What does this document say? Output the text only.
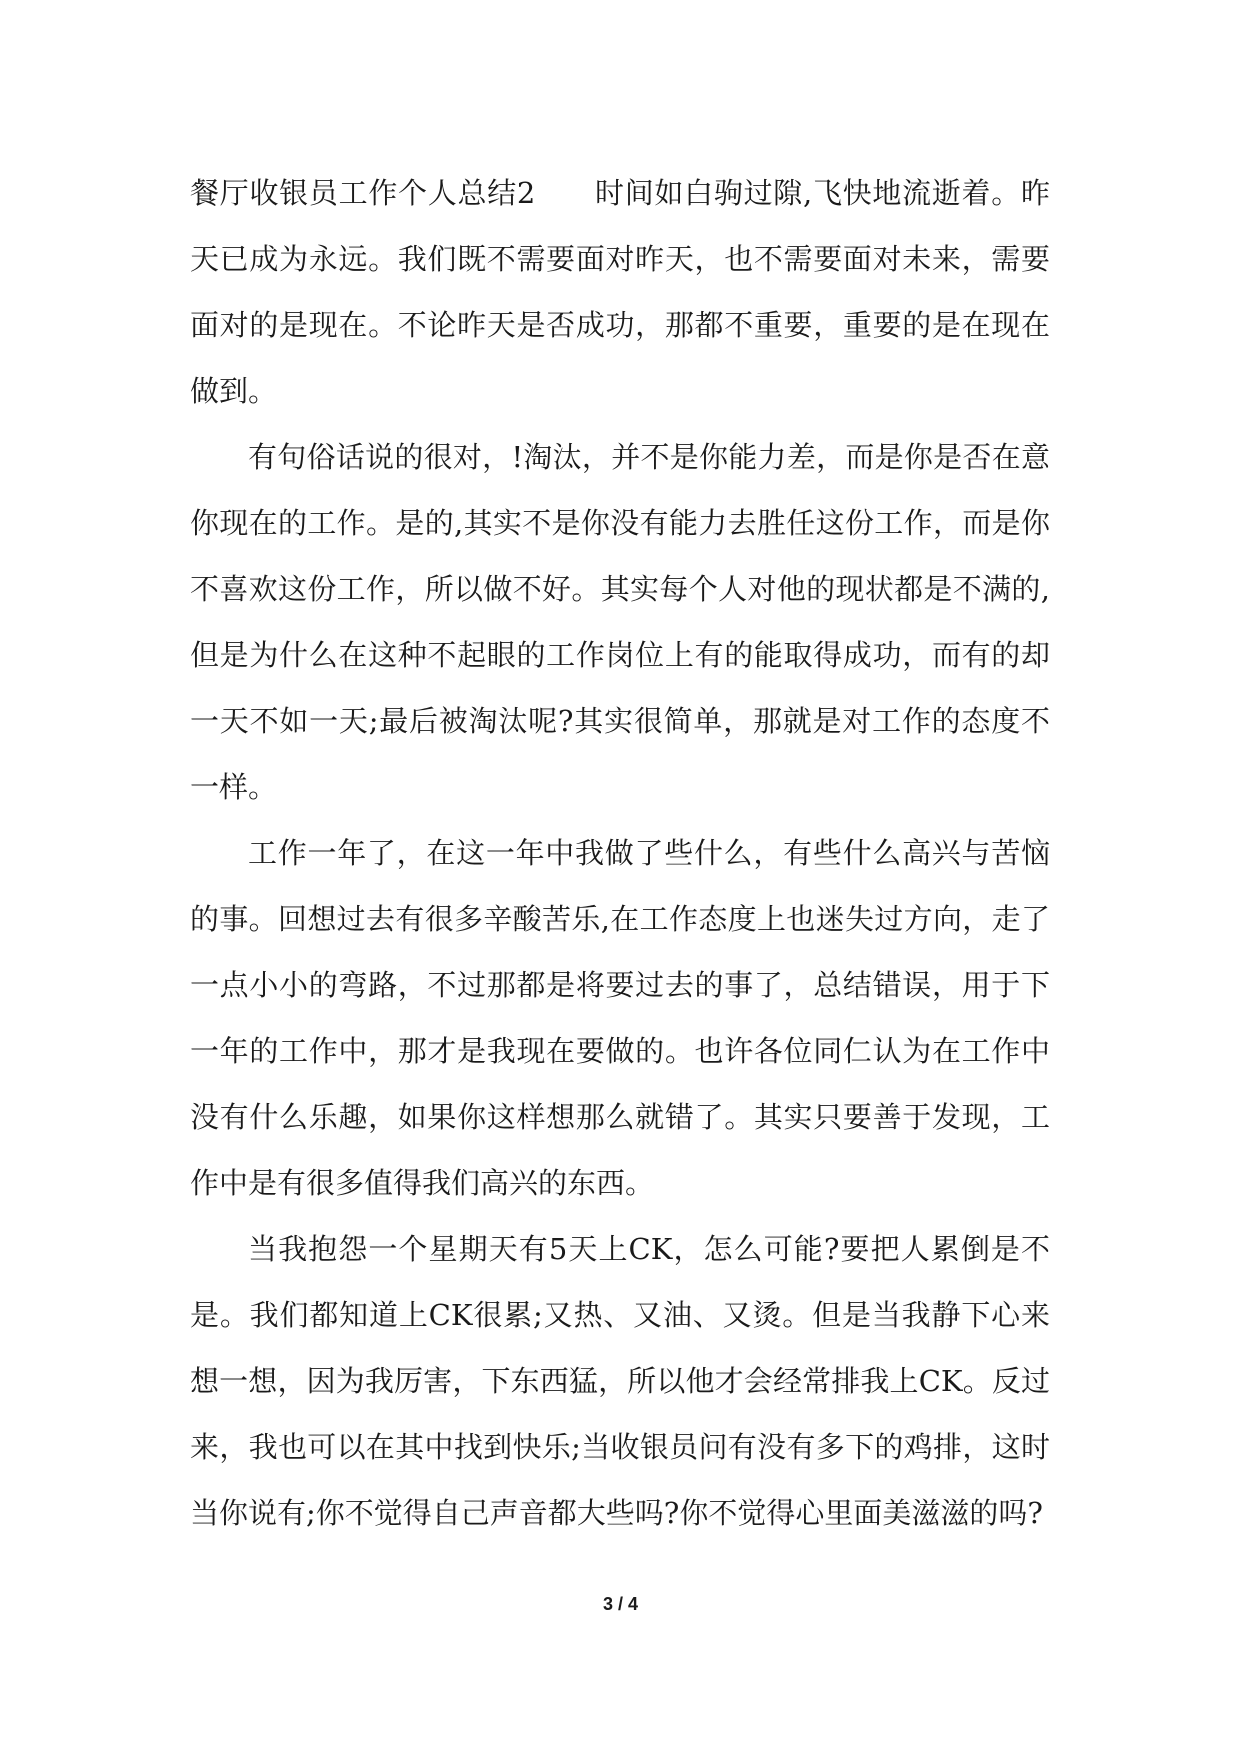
餐厅收银员工作个人总结2 时间如白驹过隙,飞快地流逝着。昨天已成为永远。我们既不需要面对昨天，也不需要面对未来，需要面对的是现在。不论昨天是否成功，那都不重要，重要的是在现在做到。

有句俗话说的很对，!淘汰，并不是你能力差，而是你是否在意你现在的工作。是的,其实不是你没有能力去胜任这份工作，而是你不喜欢这份工作，所以做不好。其实每个人对他的现状都是不满的,但是为什么在这种不起眼的工作岗位上有的能取得成功，而有的却一天不如一天;最后被淘汰呢?其实很简单，那就是对工作的态度不一样。

工作一年了，在这一年中我做了些什么，有些什么高兴与苦恼的事。回想过去有很多辛酸苦乐,在工作态度上也迷失过方向，走了一点小小的弯路，不过那都是将要过去的事了，总结错误，用于下一年的工作中，那才是我现在要做的。也许各位同仁认为在工作中没有什么乐趣，如果你这样想那么就错了。其实只要善于发现，工作中是有很多值得我们高兴的东西。

当我抱怨一个星期天有5天上CK，怎么可能?要把人累倒是不是。我们都知道上CK很累;又热、又油、又烫。但是当我静下心来想一想，因为我厉害，下东西猛，所以他才会经常排我上CK。反过来，我也可以在其中找到快乐;当收银员问有没有多下的鸡排，这时当你说有;你不觉得自己声音都大些吗?你不觉得心里面美滋滋的吗?

3 / 4
